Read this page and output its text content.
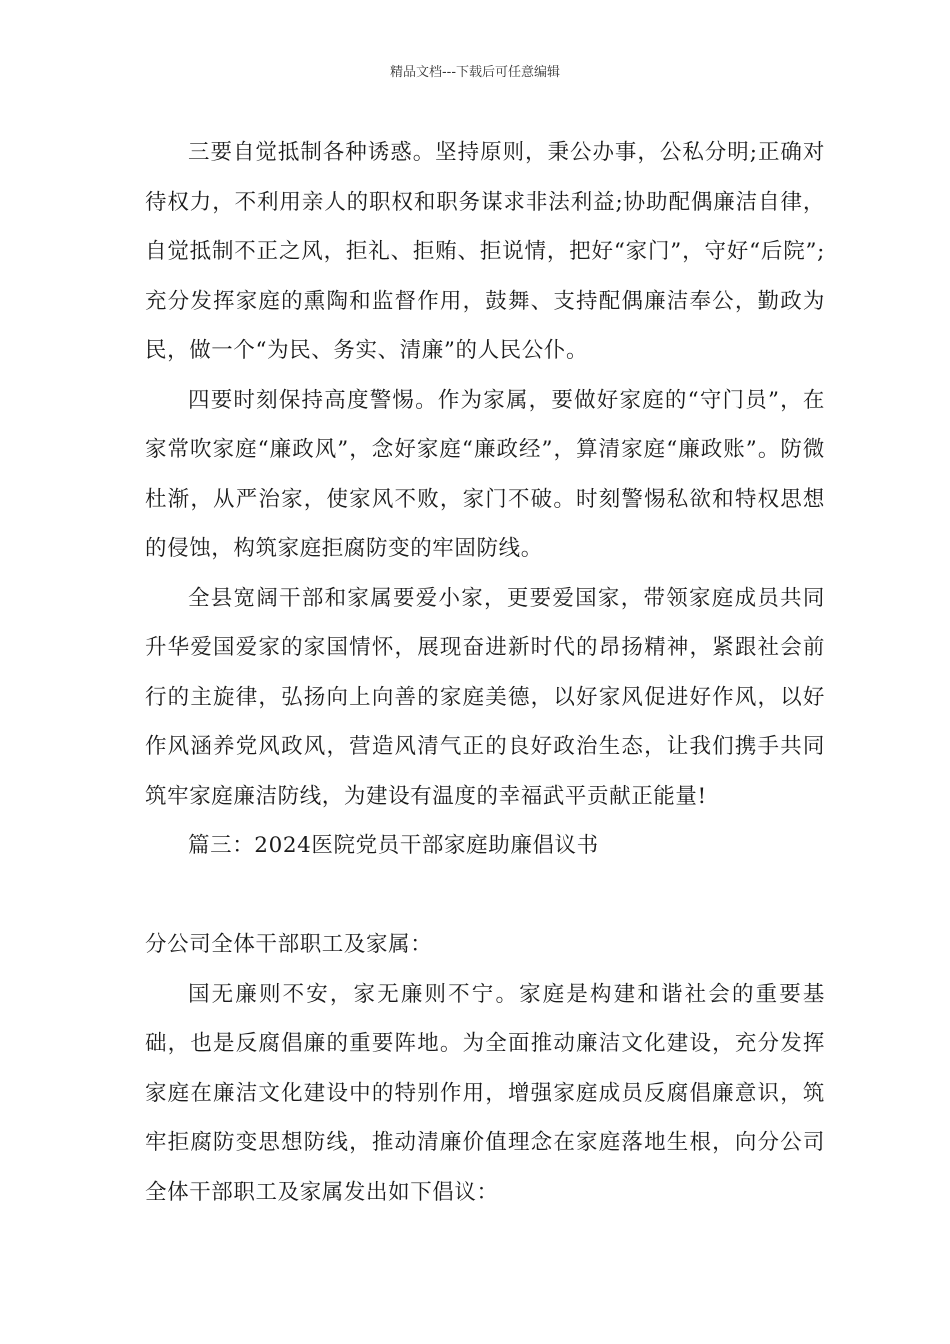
精品文档---下载后可任意编辑

三要自觉抵制各种诱惑。坚持原则，秉公办事，公私分明;正确对待权力，不利用亲人的职权和职务谋求非法利益;协助配偶廉洁自律，自觉抵制不正之风，拒礼、拒贿、拒说情，把好“家门”，守好“后院”;充分发挥家庭的熏陶和监督作用，鼓舞、支持配偶廉洁奉公，勤政为民，做一个“为民、务实、清廉”的人民公仆。

四要时刻保持高度警惕。作为家属，要做好家庭的“守门员”，在家常吹家庭“廉政风”，念好家庭“廉政经”，算清家庭“廉政账”。防微杜渐，从严治家，使家风不败，家门不破。时刻警惕私欲和特权思想的侵蚀，构筑家庭拒腐防变的牢固防线。

全县宽阔干部和家属要爱小家，更要爱国家，带领家庭成员共同升华爱国爱家的家国情怀，展现奋进新时代的昂扬精神，紧跟社会前行的主旋律，弘扬向上向善的家庭美德，以好家风促进好作风，以好作风涵养党风政风，营造风清气正的良好政治生态，让我们携手共同筑牢家庭廉洁防线，为建设有温度的幸福武平贡献正能量!

篇三：2024医院党员干部家庭助廉倡议书

分公司全体干部职工及家属：

国无廉则不安，家无廉则不宁。家庭是构建和谐社会的重要基础，也是反腐倡廉的重要阵地。为全面推动廉洁文化建设，充分发挥家庭在廉洁文化建设中的特别作用，增强家庭成员反腐倡廉意识，筑牢拒腐防变思想防线，推动清廉价值理念在家庭落地生根，向分公司全体干部职工及家属发出如下倡议：
